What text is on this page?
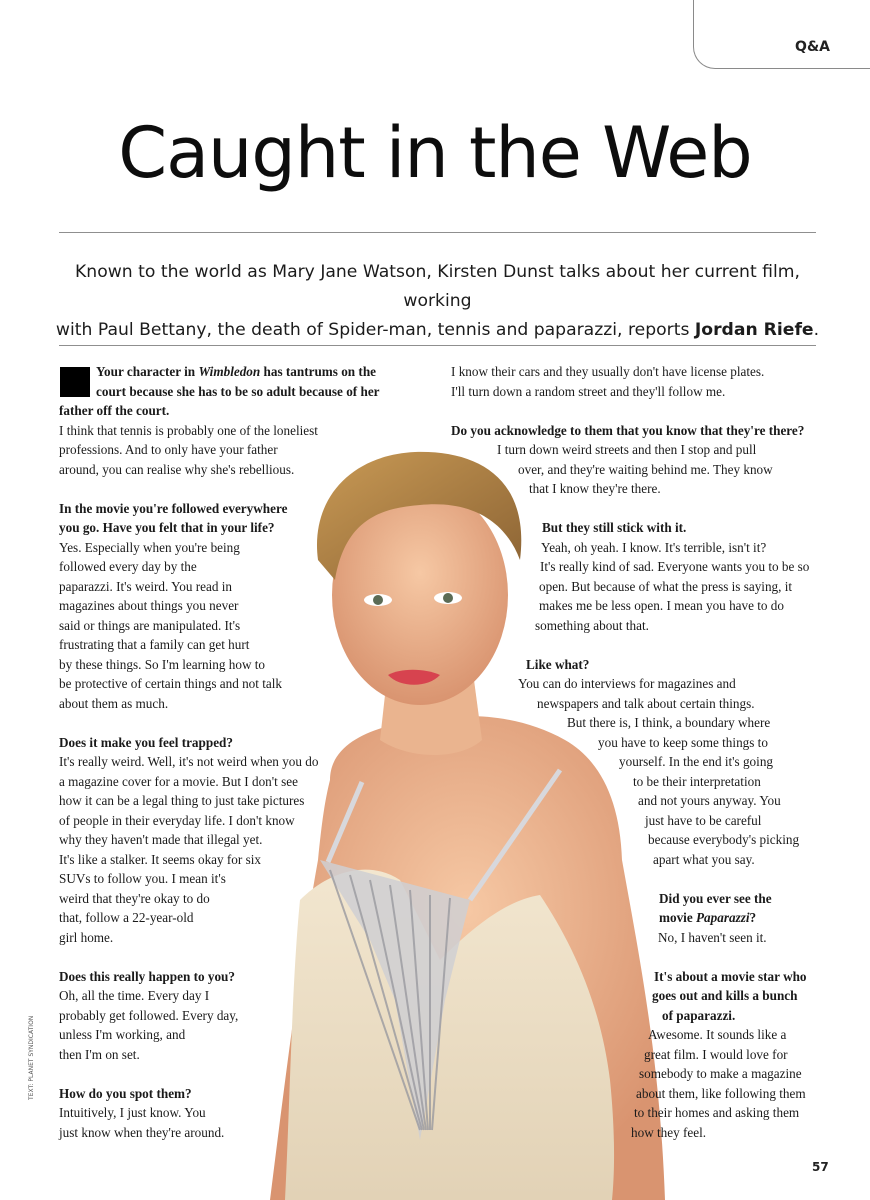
Q&A
Caught in the Web
Known to the world as Mary Jane Watson, Kirsten Dunst talks about her current film, working
with Paul Bettany, the death of Spider-man, tennis and paparazzi, reports Jordan Riefe.

Your character in Wimbledon has tantrums on the

court because she has to be so adult because of her

father off the court.

I think that tennis is probably one of the loneliest

professions. And to only have your father

around, you can realise why she's rebellious.

In the movie you're followed everywhere

you go. Have you felt that in your life?

Yes. Especially when you're being

followed every day by the

paparazzi. It's weird. You read in

magazines about things you never

said or things are manipulated. It's

frustrating that a family can get hurt

by these things. So I'm learning how to

be protective of certain things and not talk

about them as much.

Does it make you feel trapped?

It's really weird. Well, it's not weird when you do

a magazine cover for a movie. But I don't see

how it can be a legal thing to just take pictures

of people in their everyday life. I don't know

why they haven't made that illegal yet.

It's like a stalker. It seems okay for six

SUVs to follow you. I mean it's

weird that they're okay to do

that, follow a 22-year-old

girl home.

Does this really happen to you?

Oh, all the time. Every day I

probably get followed. Every day,

unless I'm working, and

then I'm on set.

How do you spot them?

Intuitively, I just know. You

just know when they're around.

I know their cars and they usually don't have license plates.

I'll turn down a random street and they'll follow me.

Do you acknowledge to them that you know that they're there?

I turn down weird streets and then I stop and pull

over, and they're waiting behind me. They know

that I know they're there.

But they still stick with it.

Yeah, oh yeah. I know. It's terrible, isn't it?

It's really kind of sad. Everyone wants you to be so

open. But because of what the press is saying, it

makes me be less open. I mean you have to do

something about that.

Like what?

You can do interviews for magazines and

newspapers and talk about certain things.

But there is, I think, a boundary where

you have to keep some things to

yourself. In the end it's going

to be their interpretation

and not yours anyway. You

just have to be careful

because everybody's picking

apart what you say.

Did you ever see the

movie Paparazzi?

No, I haven't seen it.

It's about a movie star who

goes out and kills a bunch

of paparazzi.

Awesome. It sounds like a

great film. I would love for

somebody to make a magazine

about them, like following them

to their homes and asking them

how they feel.

TEXT: PLANET SYNDICATION
57
